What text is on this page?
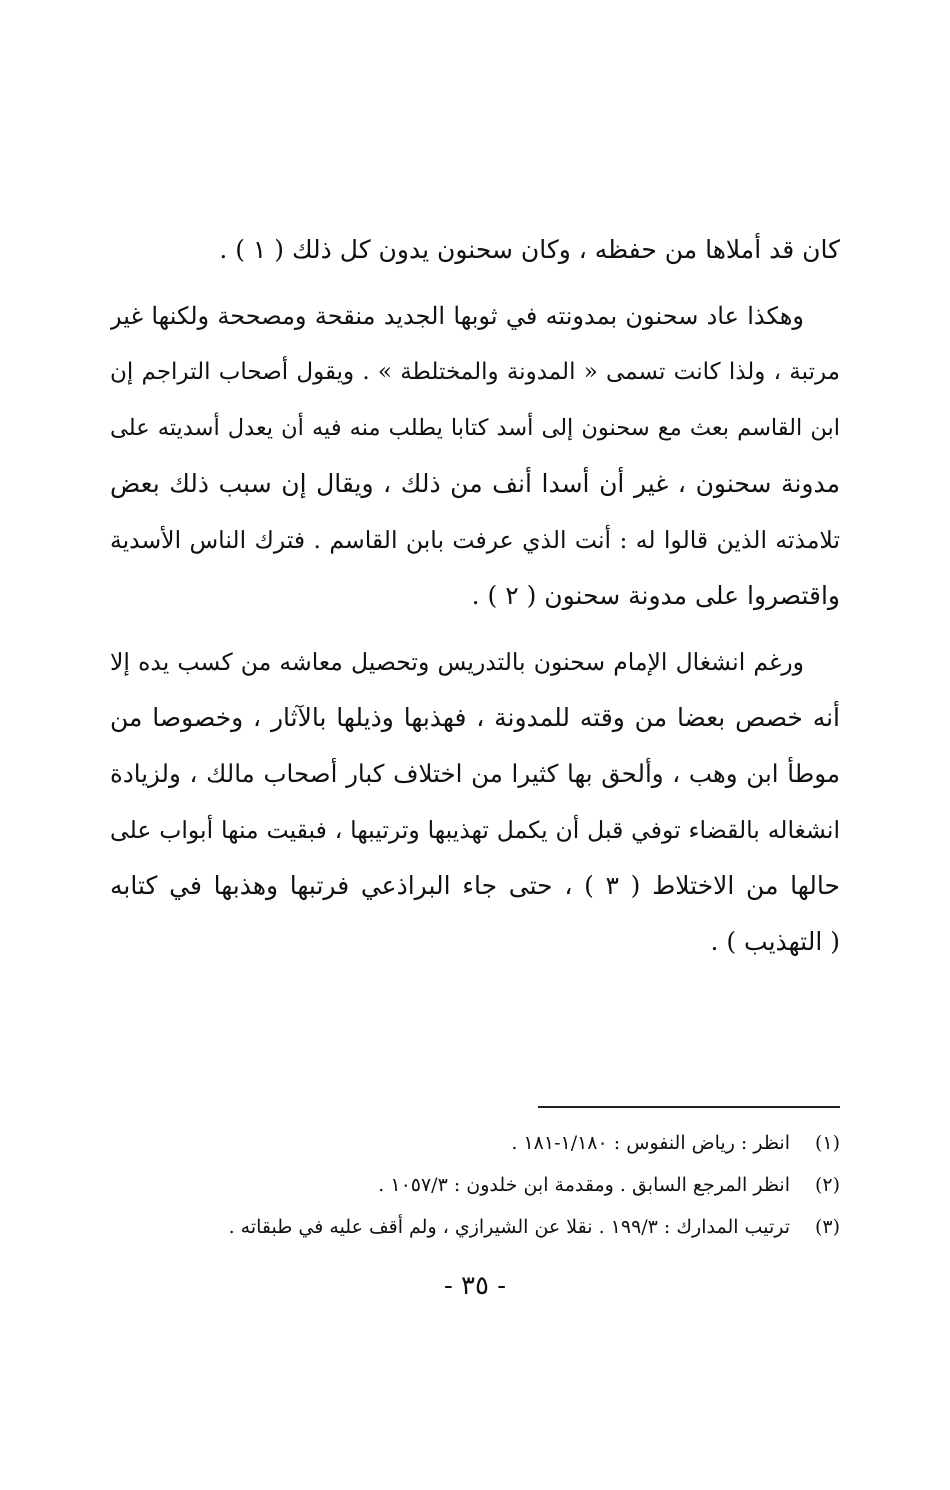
كان قد أملاها من حفظه ، وكان سحنون يدون كل ذلك ( ١ ) .
وهكذا عاد سحنون بمدونته في ثوبها الجديد منقحة ومصححة ولكنها غير
مرتبة ، ولذا كانت تسمى « المدونة والمختلطة » . ويقول أصحاب التراجم إن
ابن القاسم بعث مع سحنون إلى أسد كتابا يطلب منه فيه أن يعدل أسديته على
مدونة سحنون ، غير أن أسدا أنف من ذلك ، ويقال إن سبب ذلك بعض
تلامذته الذين قالوا له : أنت الذي عرفت بابن القاسم . فترك الناس الأسدية
واقتصروا على مدونة سحنون ( ٢ ) .
ورغم انشغال الإمام سحنون بالتدريس وتحصيل معاشه من كسب يده إلا
أنه خصص بعضا من وقته للمدونة ، فهذبها وذيلها بالآثار ، وخصوصا من
موطأ ابن وهب ، وألحق بها كثيرا من اختلاف كبار أصحاب مالك ، ولزيادة
انشغاله بالقضاء توفي قبل أن يكمل تهذيبها وترتيبها ، فبقيت منها أبواب على
حالها من الاختلاط ( ٣ ) ، حتى جاء البراذعي فرتبها وهذبها في كتابه
( التهذيب ) .
(١)انظر : رياض النفوس : ١/١٨٠-١٨١ .
(٢)انظر المرجع السابق . ومقدمة ابن خلدون : ١٠٥٧/٣ .
(٣)ترتيب المدارك : ١٩٩/٣ . نقلا عن الشيرازي ، ولم أقف عليه في طبقاته .
- ٣٥ -
